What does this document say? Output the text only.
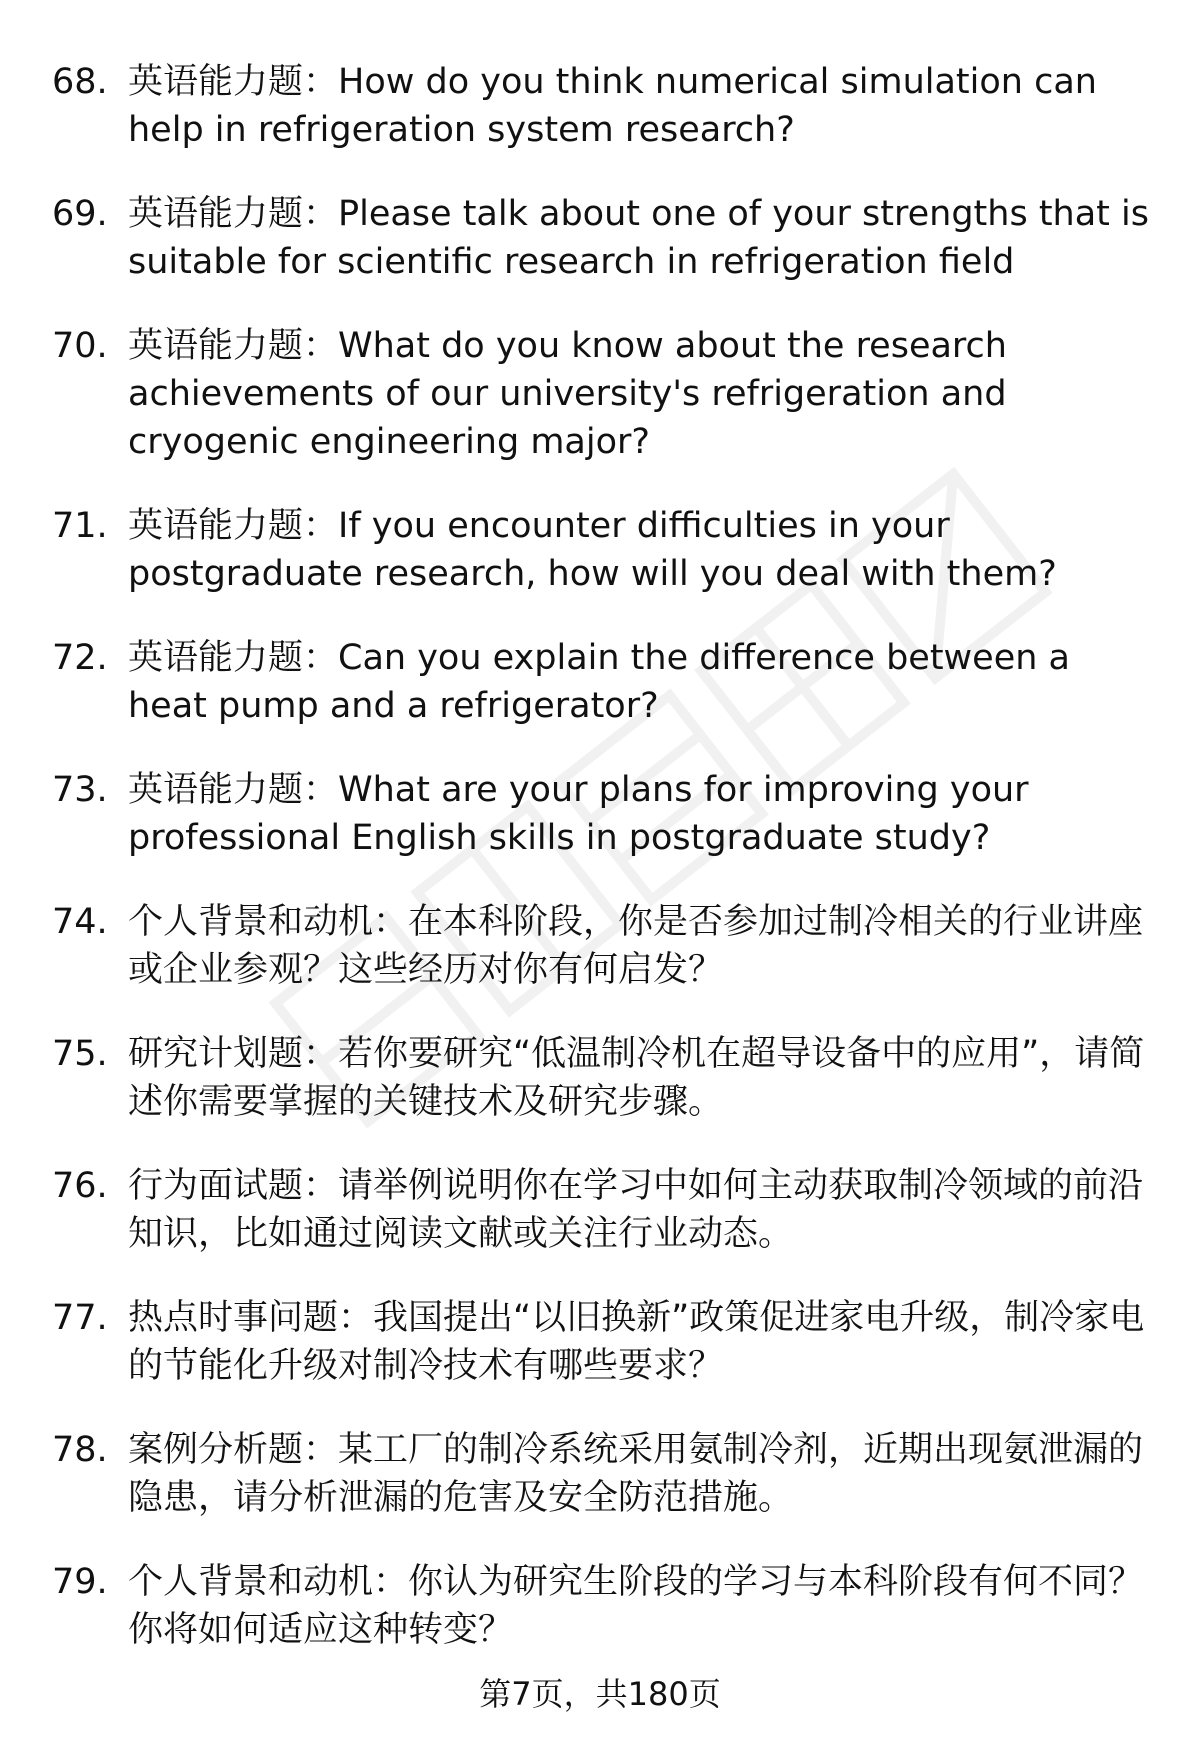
68. 英语能力题：How do you think numerical simulation can help in refrigeration system research?
69. 英语能力题：Please talk about one of your strengths that is suitable for scientific research in refrigeration field
70. 英语能力题：What do you know about the research achievements of our university's refrigeration and cryogenic engineering major?
71. 英语能力题：If you encounter difficulties in your postgraduate research, how will you deal with them?
72. 英语能力题：Can you explain the difference between a heat pump and a refrigerator?
73. 英语能力题：What are your plans for improving your professional English skills in postgraduate study?
74. 个人背景和动机：在本科阶段，你是否参加过制冷相关的行业讲座或企业参观？这些经历对你有何启发？
75. 研究计划题：若你要研究“低温制冷机在超导设备中的应用”，请简述你需要掌握的关键技术及研究步骤。
76. 行为面试题：请举例说明你在学习中如何主动获取制冷领域的前沿知识，比如通过阅读文献或关注行业动态。
77. 热点时事问题：我国提出“以旧换新”政策促进家电升级，制冷家电的节能化升级对制冷技术有哪些要求？
78. 案例分析题：某工厂的制冷系统采用氨制冷剂，近期出现氨泄漏的隐患，请分析泄漏的危害及安全防范措施。
79. 个人背景和动机：你认为研究生阶段的学习与本科阶段有何不同？你将如何适应这种转变？
第7页，共180页
